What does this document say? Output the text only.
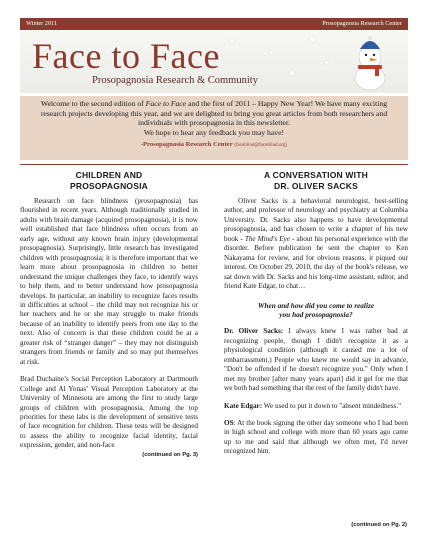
Winter 2011	Prosopagnosia Research Center
Face to Face
Prosopagnosia Research & Community
Welcome to the second edition of Face to Face and the first of 2011 – Happy New Year! We have many exciting research projects developing this year, and we are delighted to bring you great articles from both researchers and individuals with prosopagnosia in this newsletter.
We hope to hear any feedback you may have!
-Prosopagnosia Research Center (faceblind@faceblind.org)
CHILDREN AND
PROSOPAGNOSIA

Research on face blindness (prosopagnosia) has flourished in recent years. Although traditionally studied in adults with brain damage (acquired prosopagnosia), it is now well established that face blindness often occurs from an early age, without any known brain injury (developmental prosopagnosia). Surprisingly, little research has investigated children with prosopagnosia; it is therefore important that we learn more about prosopagnosia in children to better understand the unique challenges they face, to identify ways to help them, and to better understand how prosopagnosia develops. In particular, an inability to recognize faces results in difficulties at school – the child may not recognize his or her teachers and he or she may struggle to make friends because of an inability to identify peers from one day to the next. Also of concern is that these children could be at a greater risk of “stranger danger” – they may not distinguish strangers from friends or family and so may put themselves at risk.

Brad Duchaine’s Social Perception Laboratory at Dartmouth College and Al Yonas’ Visual Perception Laboratory at the University of Minnesota are among the first to study large groups of children with prosopagnosia. Among the top priorities for these labs is the development of sensitive tests of face recognition for children. These tests will be designed to assess the ability to recognize facial identity, facial expression, gender, and non-face

(continued on Pg. 3)
A CONVERSATION WITH
DR. OLIVER SACKS

Oliver Sacks is a behavioral neurologist, best-selling author, and professor of neurology and psychiatry at Columbia University. Dr. Sacks also happens to have developmental prosopagnosia, and has chosen to write a chapter of his new book - The Mind's Eye - about his personal experience with the disorder. Before publication he sent the chapter to Ken Nakayama for review, and for obvious reasons, it piqued our interest. On October 29, 2010, the day of the book's release, we sat down with Dr. Sacks and his long-time assistant, editor, and friend Kate Edgar, to chat…

When and how did you come to realize
you had prosopagnosia?

Dr. Oliver Sacks: I always knew I was rather bad at recognizing people, though I didn't recognize it as a physiological condition (although it caused me a lot of embarrassment.) People who knew me would say in advance, "Don't be offended if he doesn't recognize you." Only when I met my brother [after many years apart] did it gel for me that we both had something that the rest of the family didn't have.

Kate Edgar: We used to put it down to "absent mindedness."

OS: At the book signing the other day someone who I had been in high school and college with more than 60 years ago came up to me and said that although we often met, I'd never recognized him.

(continued on Pg. 2)
